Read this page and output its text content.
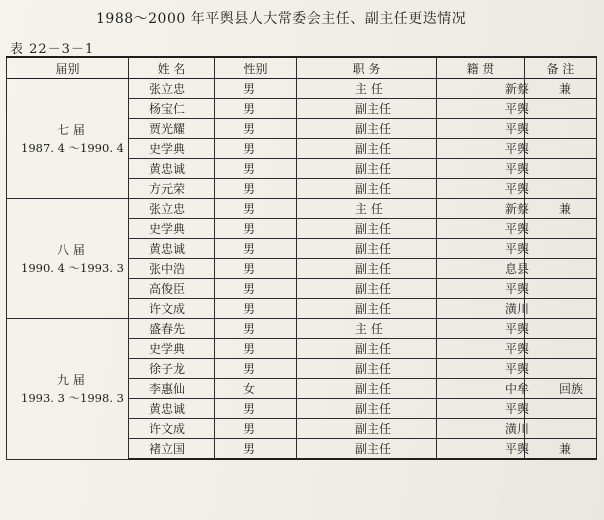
1988～2000 年平舆县人大常委会主任、副主任更迭情况
表 22－3－1
届别	姓 名	性别	职 务	籍 贯	备 注

七 届
1987. 4 ～1990. 4	张立忠	男	主 任	新蔡	兼
	杨宝仁	男	副主任	平舆	
	贾光耀	男	副主任	平舆	
	史学典	男	副主任	平舆	
	黄忠诚	男	副主任	平舆	
	方元荣	男	副主任	平舆	

八 届
1990. 4 ～1993. 3	张立忠	男	主 任	新蔡	兼
	史学典	男	副主任	平舆	
	黄忠诚	男	副主任	平舆	
	张中浩	男	副主任	息县	
	高俊臣	男	副主任	平舆	
	许文成	男	副主任	潢川	

九 届
1993. 3 ～1998. 3	盛春先	男	主 任	平舆	
	史学典	男	副主任	平舆	
	徐子龙	男	副主任	平舆	
	李惠仙	女	副主任	中牟	回族
	黄忠诚	男	副主任	平舆	
	许文成	男	副主任	潢川	
	褚立国	男	副主任	平舆	兼
